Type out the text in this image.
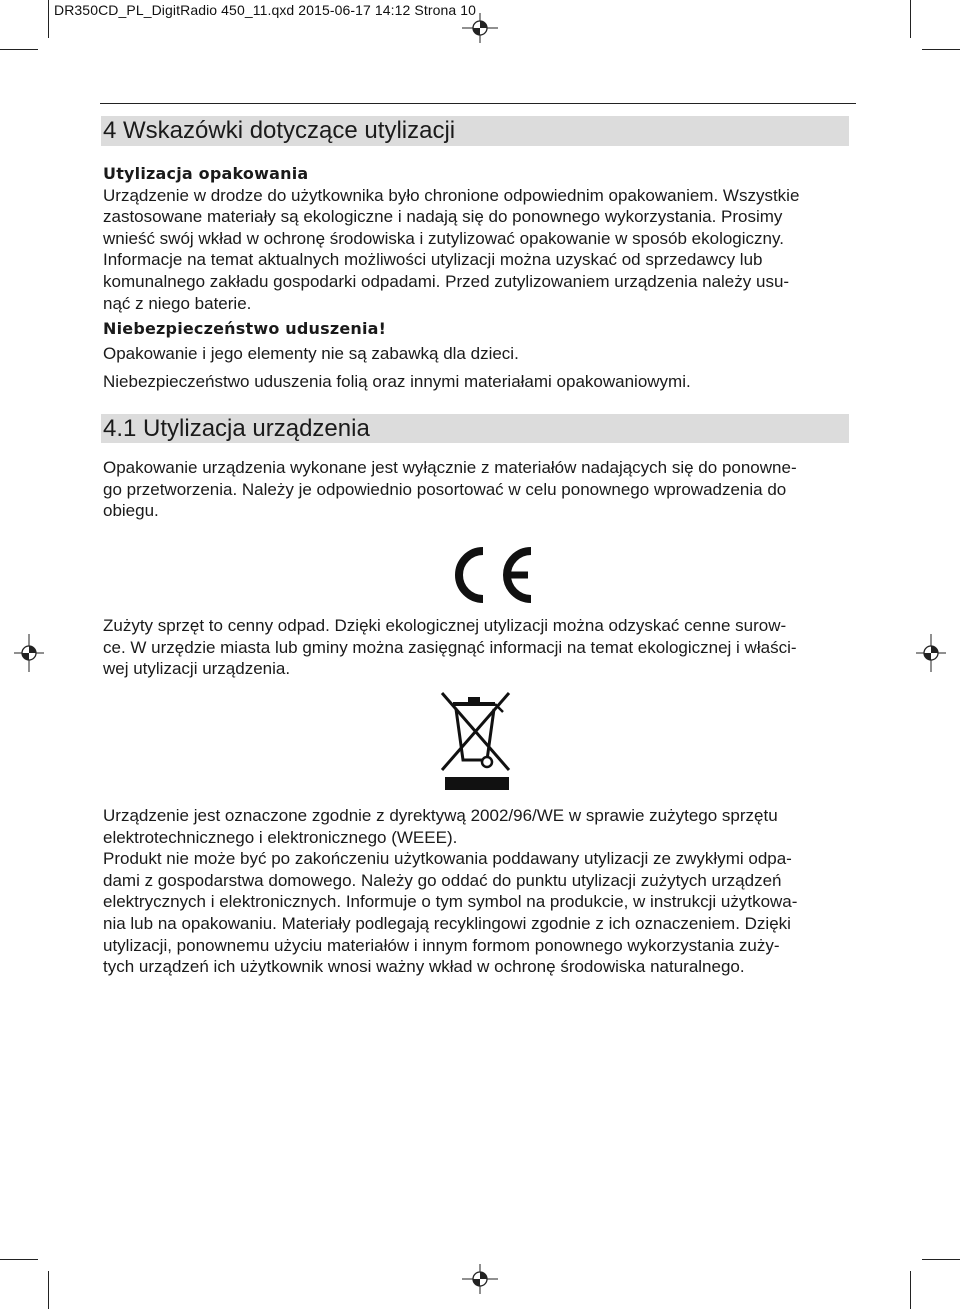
DR350CD_PL_DigitRadio 450_11.qxd 2015-06-17 14:12 Strona 10
4 Wskazówki dotyczące utylizacji
Utylizacja opakowania
Urządzenie w drodze do użytkownika było chronione odpowiednim opakowaniem. Wszystkie
zastosowane materiały są ekologiczne i nadają się do ponownego wykorzystania. Prosimy
wnieść swój wkład w ochronę środowiska i zutylizować opakowanie w sposób ekologiczny.
Informacje na temat aktualnych możliwości utylizacji można uzyskać od sprzedawcy lub
komunalnego zakładu gospodarki odpadami. Przed zutylizowaniem urządzenia należy usu-
nąć z niego baterie.
Niebezpieczeństwo uduszenia!
Opakowanie i jego elementy nie są zabawką dla dzieci.
Niebezpieczeństwo uduszenia folią oraz innymi materiałami opakowaniowymi.
4.1 Utylizacja urządzenia
Opakowanie urządzenia wykonane jest wyłącznie z materiałów nadających się do ponowne-
go przetworzenia. Należy je odpowiednio posortować w celu ponownego wprowadzenia do
obiegu.
Zużyty sprzęt to cenny odpad. Dzięki ekologicznej utylizacji można odzyskać cenne surow-
ce. W urzędzie miasta lub gminy można zasięgnąć informacji na temat ekologicznej i właści-
wej utylizacji urządzenia.
Urządzenie jest oznaczone zgodnie z dyrektywą 2002/96/WE w sprawie zużytego sprzętu
elektrotechnicznego i elektronicznego (WEEE).
Produkt nie może być po zakończeniu użytkowania poddawany utylizacji ze zwykłymi odpa-
dami z gospodarstwa domowego. Należy go oddać do punktu utylizacji zużytych urządzeń
elektrycznych i elektronicznych. Informuje o tym symbol na produkcie, w instrukcji użytkowa-
nia lub na opakowaniu. Materiały podlegają recyklingowi zgodnie z ich oznaczeniem. Dzięki
utylizacji, ponownemu użyciu materiałów i innym formom ponownego wykorzystania zuży-
tych urządzeń ich użytkownik wnosi ważny wkład w ochronę środowiska naturalnego.
